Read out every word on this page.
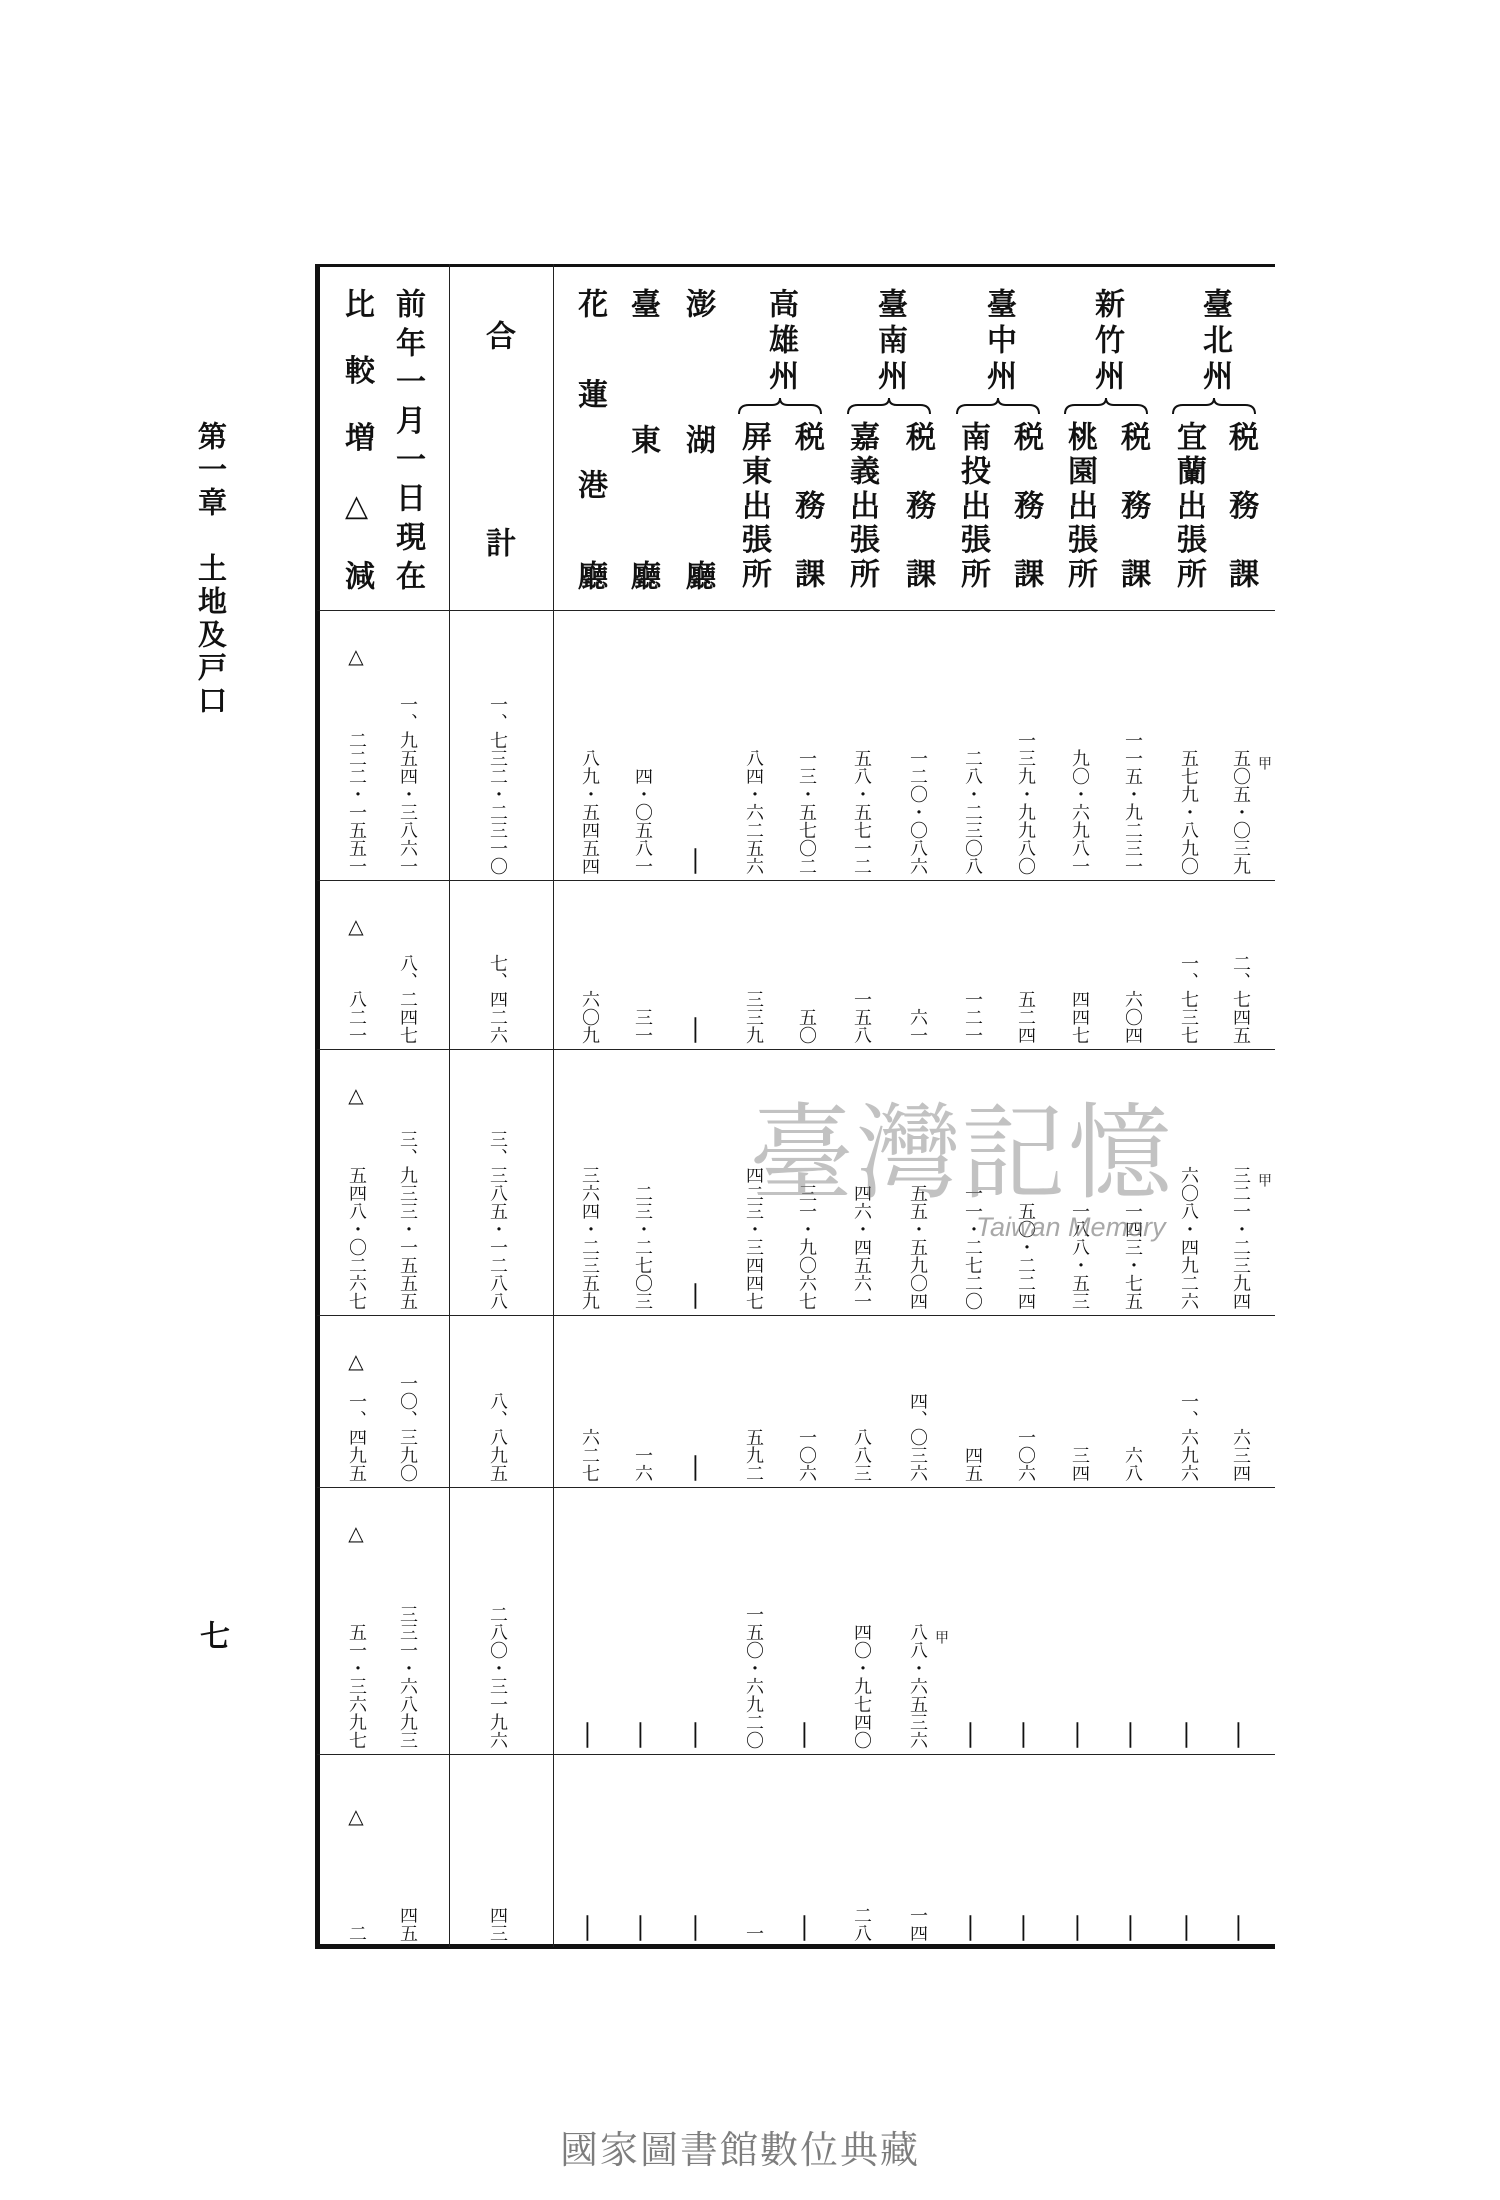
第一章　土地及戸口
七
臺北州
税務課
五〇五・〇三九 甲
二、七四五
三二一・二三九四 甲
六三四
—
—
宜蘭出張所
五七九・八九〇
一、七三七
六〇八・四九二六
一、六九六
—
—
新竹州
税務課
一一五・九二三一
六〇四
一四三・七五
六八
—
—
桃園出張所
九〇・六九八一
四四七
一八八・五三
三四
—
—
臺中州
税務課
一三九・九九八〇
五二四
五〇・二二四
一〇六
—
—
南投出張所
二八・二三〇八
一二一
一一・二七二〇
四五
—
—
臺南州
税務課
一二〇・〇八六
六一
五五・五九〇四
四、〇三六
八八・六五三六 甲
一四
嘉義出張所
五八・五七一二
一五八
四六・四五六一
八八三
四〇・九七四〇
二八
高雄州
税務課
一三・五七〇二
五〇
三一・九〇六七
一〇六
—
—
屏東出張所
八四・六二五六
三三九
四二三・三四四七
五九二
一五〇・六九二〇
一
澎湖廳
—
—
—
—
—
—
臺東廳
四・〇五八一
三一
二三・二七〇三
一六
—
—
花蓮港廳
八九・五四五四
六〇九
三六四・二三五九
六二七
—
—
合計
一、七三二・二三一〇
七、四二六
三、三八五・一二八八
八、八九五
二八〇・三一九六
四三
前年一月一日現在
一、九五四・三八六一
八、二四七
三、九三三・一五五五
一〇、三九〇
三三一・六八九三
四五
比較増△減
二二二・一五五一
八二一
五四八・〇二六七
一、四九五
五一・三六九七
二
△
△
△
△
△
△
臺灣記憶
Taiwan Memory
國家圖書館數位典藏
